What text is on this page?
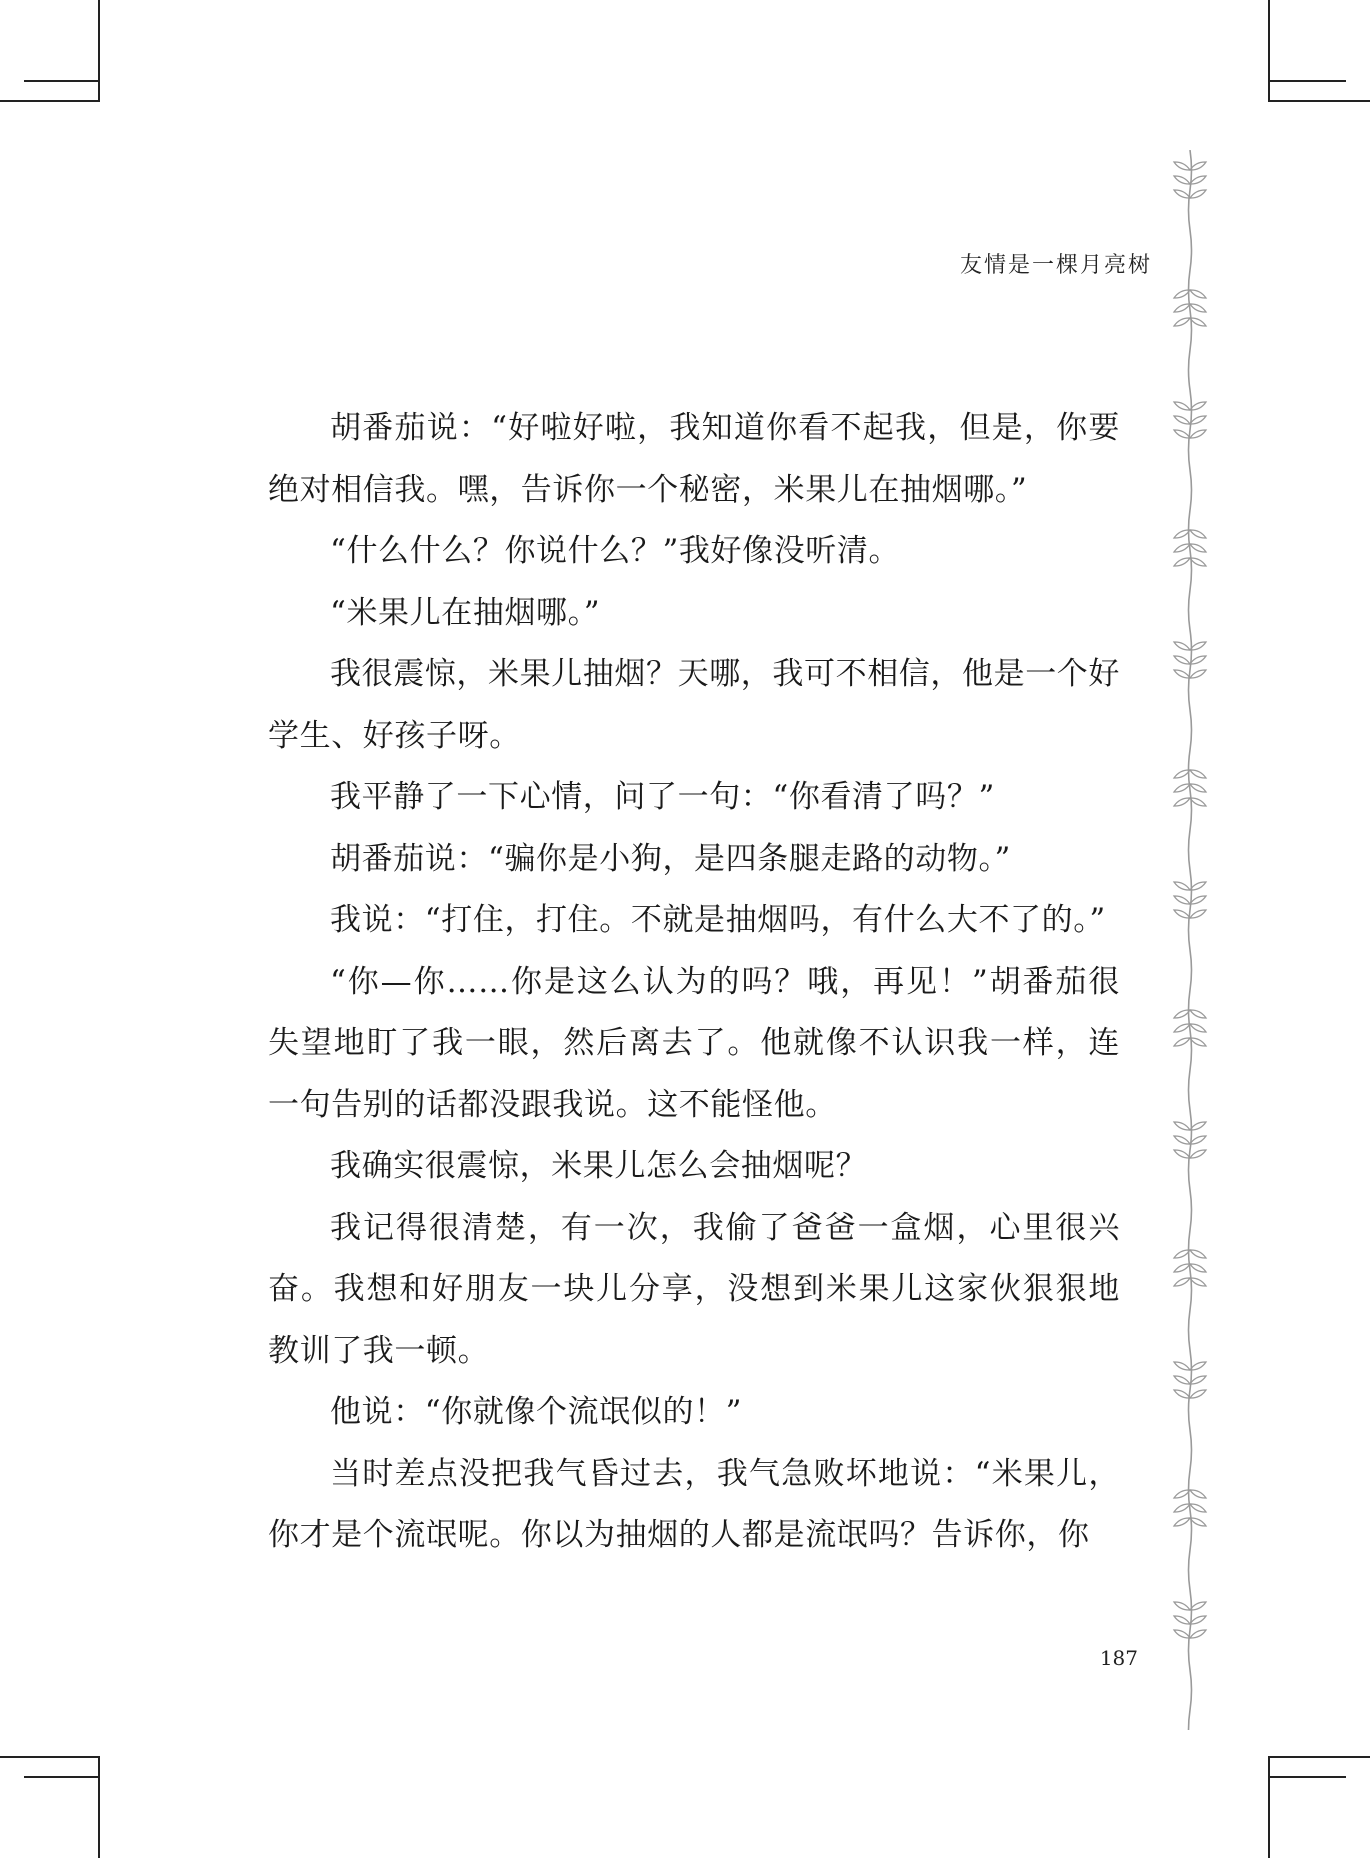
友情是一棵月亮树

胡番茄说：“好啦好啦，我知道你看不起我，但是，你要绝对相信我。嘿，告诉你一个秘密，米果儿在抽烟哪。”

“什么什么？你说什么？”我好像没听清。

“米果儿在抽烟哪。”

我很震惊，米果儿抽烟？天哪，我可不相信，他是一个好学生、好孩子呀。

我平静了一下心情，问了一句：“你看清了吗？”

胡番茄说：“骗你是小狗，是四条腿走路的动物。”

我说：“打住，打住。不就是抽烟吗，有什么大不了的。”

“你—你……你是这么认为的吗？哦，再见！”胡番茄很失望地盯了我一眼，然后离去了。他就像不认识我一样，连一句告别的话都没跟我说。这不能怪他。

我确实很震惊，米果儿怎么会抽烟呢？

我记得很清楚，有一次，我偷了爸爸一盒烟，心里很兴奋。我想和好朋友一块儿分享，没想到米果儿这家伙狠狠地教训了我一顿。

他说：“你就像个流氓似的！”

当时差点没把我气昏过去，我气急败坏地说：“米果儿，你才是个流氓呢。你以为抽烟的人都是流氓吗？告诉你，你

187
